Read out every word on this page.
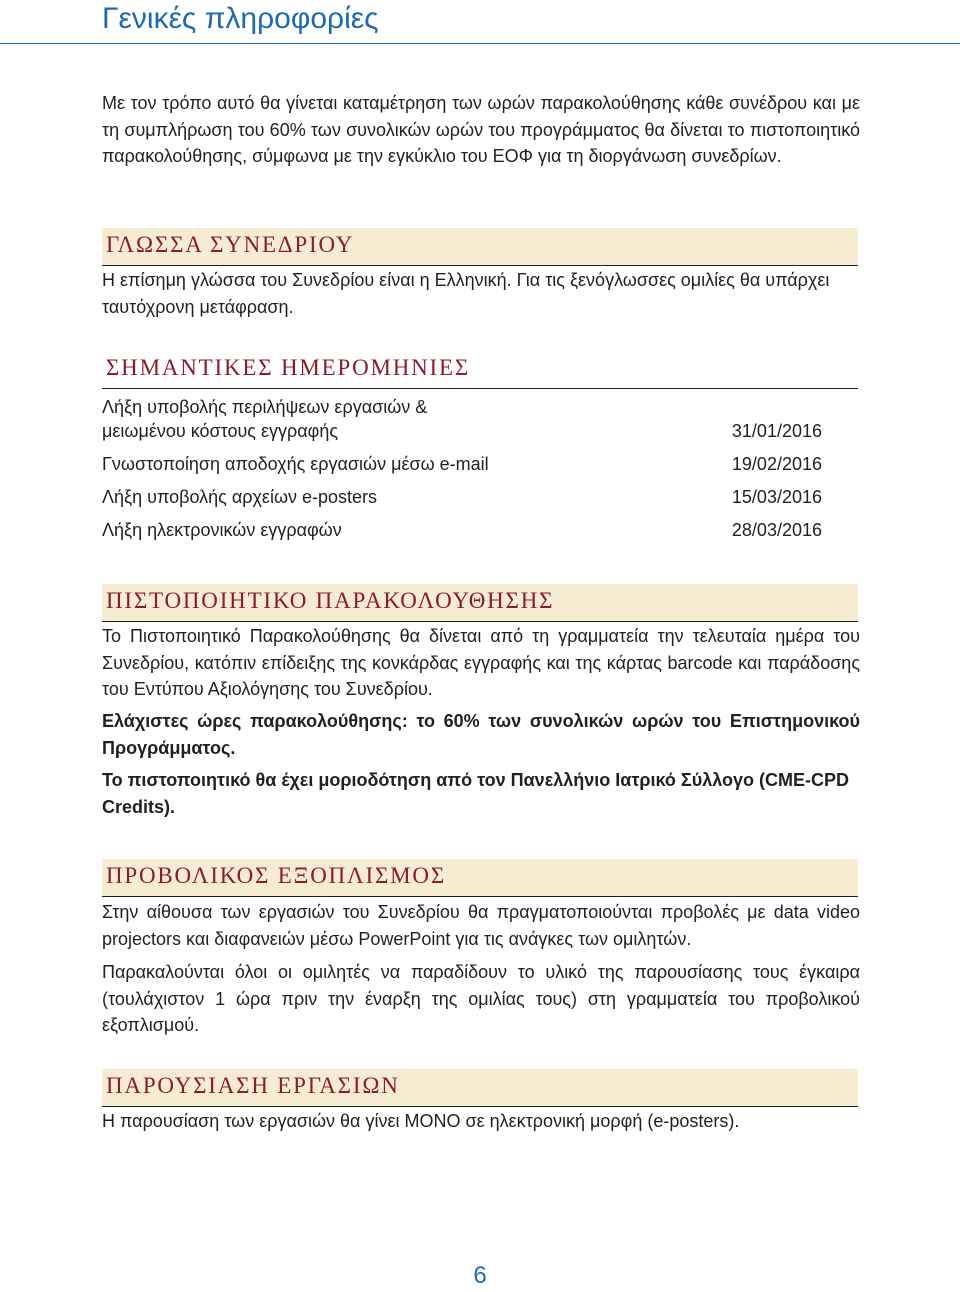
Γενικές πληροφορίες

Με τον τρόπο αυτό θα γίνεται καταμέτρηση των ωρών παρακολούθησης κάθε συνέδρου και με τη συμπλήρωση του 60% των συνολικών ωρών του προγράμματος θα δίνεται το πιστοποιητικό παρακολούθησης, σύμφωνα με την εγκύκλιο του ΕΟΦ για τη διοργάνωση συνεδρίων.

ΓΛΩΣΣΑ ΣΥΝΕΔΡΙΟΥ

Η επίσημη γλώσσα του Συνεδρίου είναι η Ελληνική. Για τις ξενόγλωσσες ομιλίες θα υπάρχει ταυτόχρονη μετάφραση.

ΣΗΜΑΝΤΙΚΕΣ ΗΜΕΡΟΜΗΝΙΕΣ
Λήξη υποβολής περιλήψεων εργασιών &
μειωμένου κόστους εγγραφής	31/01/2016
Γνωστοποίηση αποδοχής εργασιών μέσω e-mail	19/02/2016
Λήξη υποβολής αρχείων e-posters	15/03/2016
Λήξη ηλεκτρονικών εγγραφών	28/03/2016
ΠΙΣΤΟΠΟΙΗΤΙΚΟ ΠΑΡΑΚΟΛΟΥΘΗΣΗΣ

Το Πιστοποιητικό Παρακολούθησης θα δίνεται από τη γραμματεία την τελευταία ημέρα του Συνεδρίου, κατόπιν επίδειξης της κονκάρδας εγγραφής και της κάρτας barcode και παράδοσης του Εντύπου Αξιολόγησης του Συνεδρίου.

Ελάχιστες ώρες παρακολούθησης: το 60% των συνολικών ωρών του Επιστημονικού Προγράμματος.

Το πιστοποιητικό θα έχει μοριοδότηση από τον Πανελλήνιο Ιατρικό Σύλλογο (CME-CPD Credits).

ΠΡΟΒΟΛΙΚΟΣ ΕΞΟΠΛΙΣΜΟΣ

Στην αίθουσα των εργασιών του Συνεδρίου θα πραγματοποιούνται προβολές με data video projectors και διαφανειών μέσω PowerPoint για τις ανάγκες των ομιλητών.

Παρακαλούνται όλοι οι ομιλητές να παραδίδουν το υλικό της παρουσίασης τους έγκαιρα (τουλάχιστον 1 ώρα πριν την έναρξη της ομιλίας τους) στη γραμματεία του προβολικού εξοπλισμού.

ΠΑΡΟΥΣΙΑΣΗ ΕΡΓΑΣΙΩΝ

Η παρουσίαση των εργασιών θα γίνει ΜΟΝΟ σε ηλεκτρονική μορφή (e-posters).

6
